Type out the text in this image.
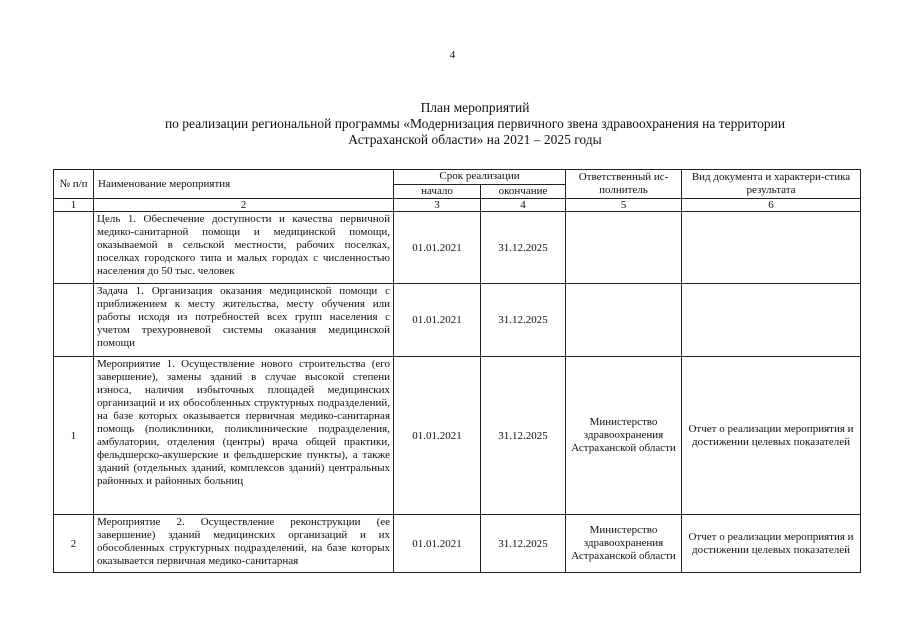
4
План мероприятий
по реализации региональной программы «Модернизация первичного звена здравоохранения на территории
Астраханской области» на 2021 – 2025 годы
№ п/п	Наименование мероприятия	Срок реализации		Ответственный ис-полнитель	Вид документа и характери-стика результата
		начало	окончание		
1	2	3	4	5	6
	Цель 1. Обеспечение доступности и качества первичной медико-санитарной помощи и медицинской помощи, оказываемой в сельской местности, рабочих поселках, поселках городского типа и малых городах с численностью населения до 50 тыс. человек	01.01.2021	31.12.2025		
	Задача 1. Организация оказания медицинской помощи с приближением к месту жительства, месту обучения или работы исходя из потребностей всех групп населения с учетом трехуровневой системы оказания медицинской помощи	01.01.2021	31.12.2025		
1	Мероприятие 1. Осуществление нового строительства (его завершение), замены зданий в случае высокой степени износа, наличия избыточных площадей медицинских организаций и их обособленных структурных подразделений, на базе которых оказывается первичная медико-санитарная помощь (поликлиники, поликлинические подразделения, амбулатории, отделения (центры) врача общей практики, фельдшерско-акушерские и фельдшерские пункты), а также зданий (отдельных зданий, комплексов зданий) центральных районных и районных больниц	01.01.2021	31.12.2025	Министерство здравоохранения Астраханской области	Отчет о реализации мероприятия и достижении целевых показателей
2	Мероприятие 2. Осуществление реконструкции (ее завершение) зданий медицинских организаций и их обособленных структурных подразделений, на базе которых оказывается первичная медико-санитарная	01.01.2021	31.12.2025	Министерство здравоохранения Астраханской области	Отчет о реализации мероприятия и достижении целевых показателей
